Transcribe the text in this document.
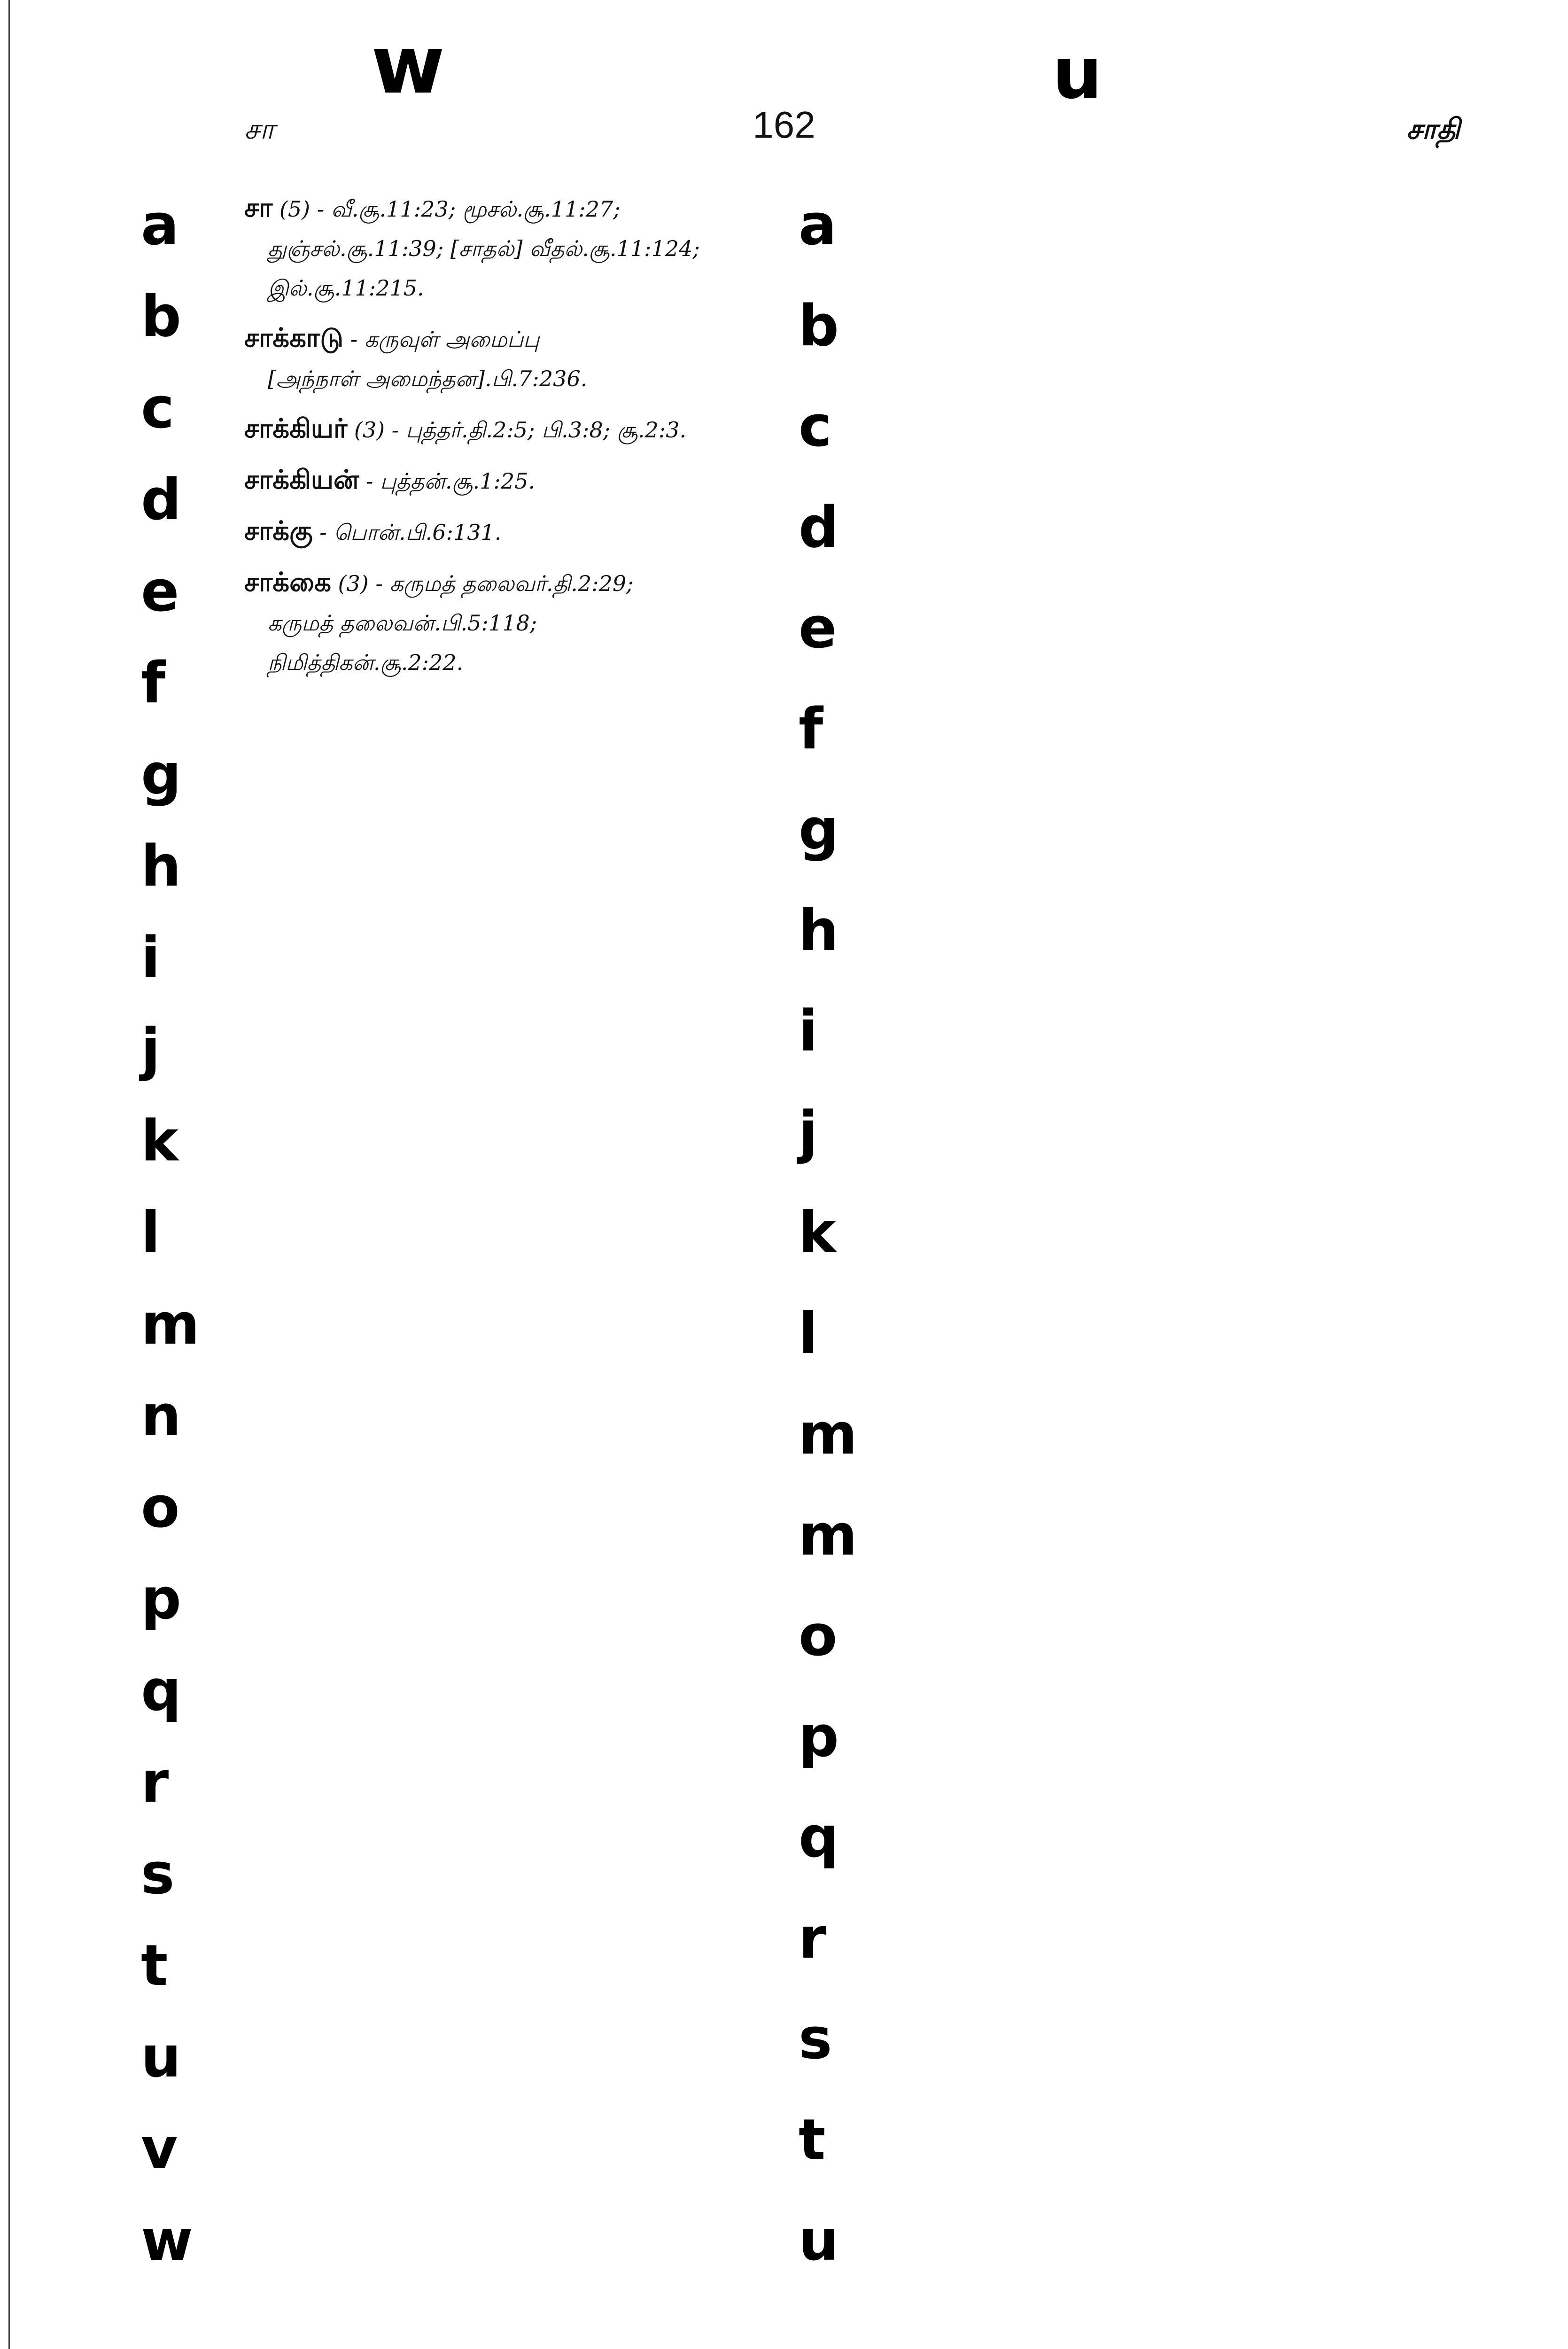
w	u
சா	162	சாதி
சா (5) - வீ.சூ.11:23; மூசல்.சூ.11:27;
துஞ்சல்.சூ.11:39; [சாதல்] வீதல்.சூ.11:124;
இல்.சூ.11:215.
சாக்காடு - கருவுள் அமைப்பு
[அந்நாள் அமைந்தன].பி.7:236.
சாக்கியர் (3) - புத்தர்.தி.2:5; பி.3:8; சூ.2:3.
சாக்கியன் - புத்தன்.சூ.1:25.
சாக்கு - பொன்.பி.6:131.
சாக்கை (3) - கருமத் தலைவர்.தி.2:29;
கருமத் தலைவன்.பி.5:118;
நிமித்திகன்.சூ.2:22.
a
b
c
d
e
f
g
h
i
j
k
l
m
n
o
p
q
r
s
t
u
v
w
a
b
c
d
e
f
g
h
i
j
k
l
m
m
o
p
q
r
s
t
u
